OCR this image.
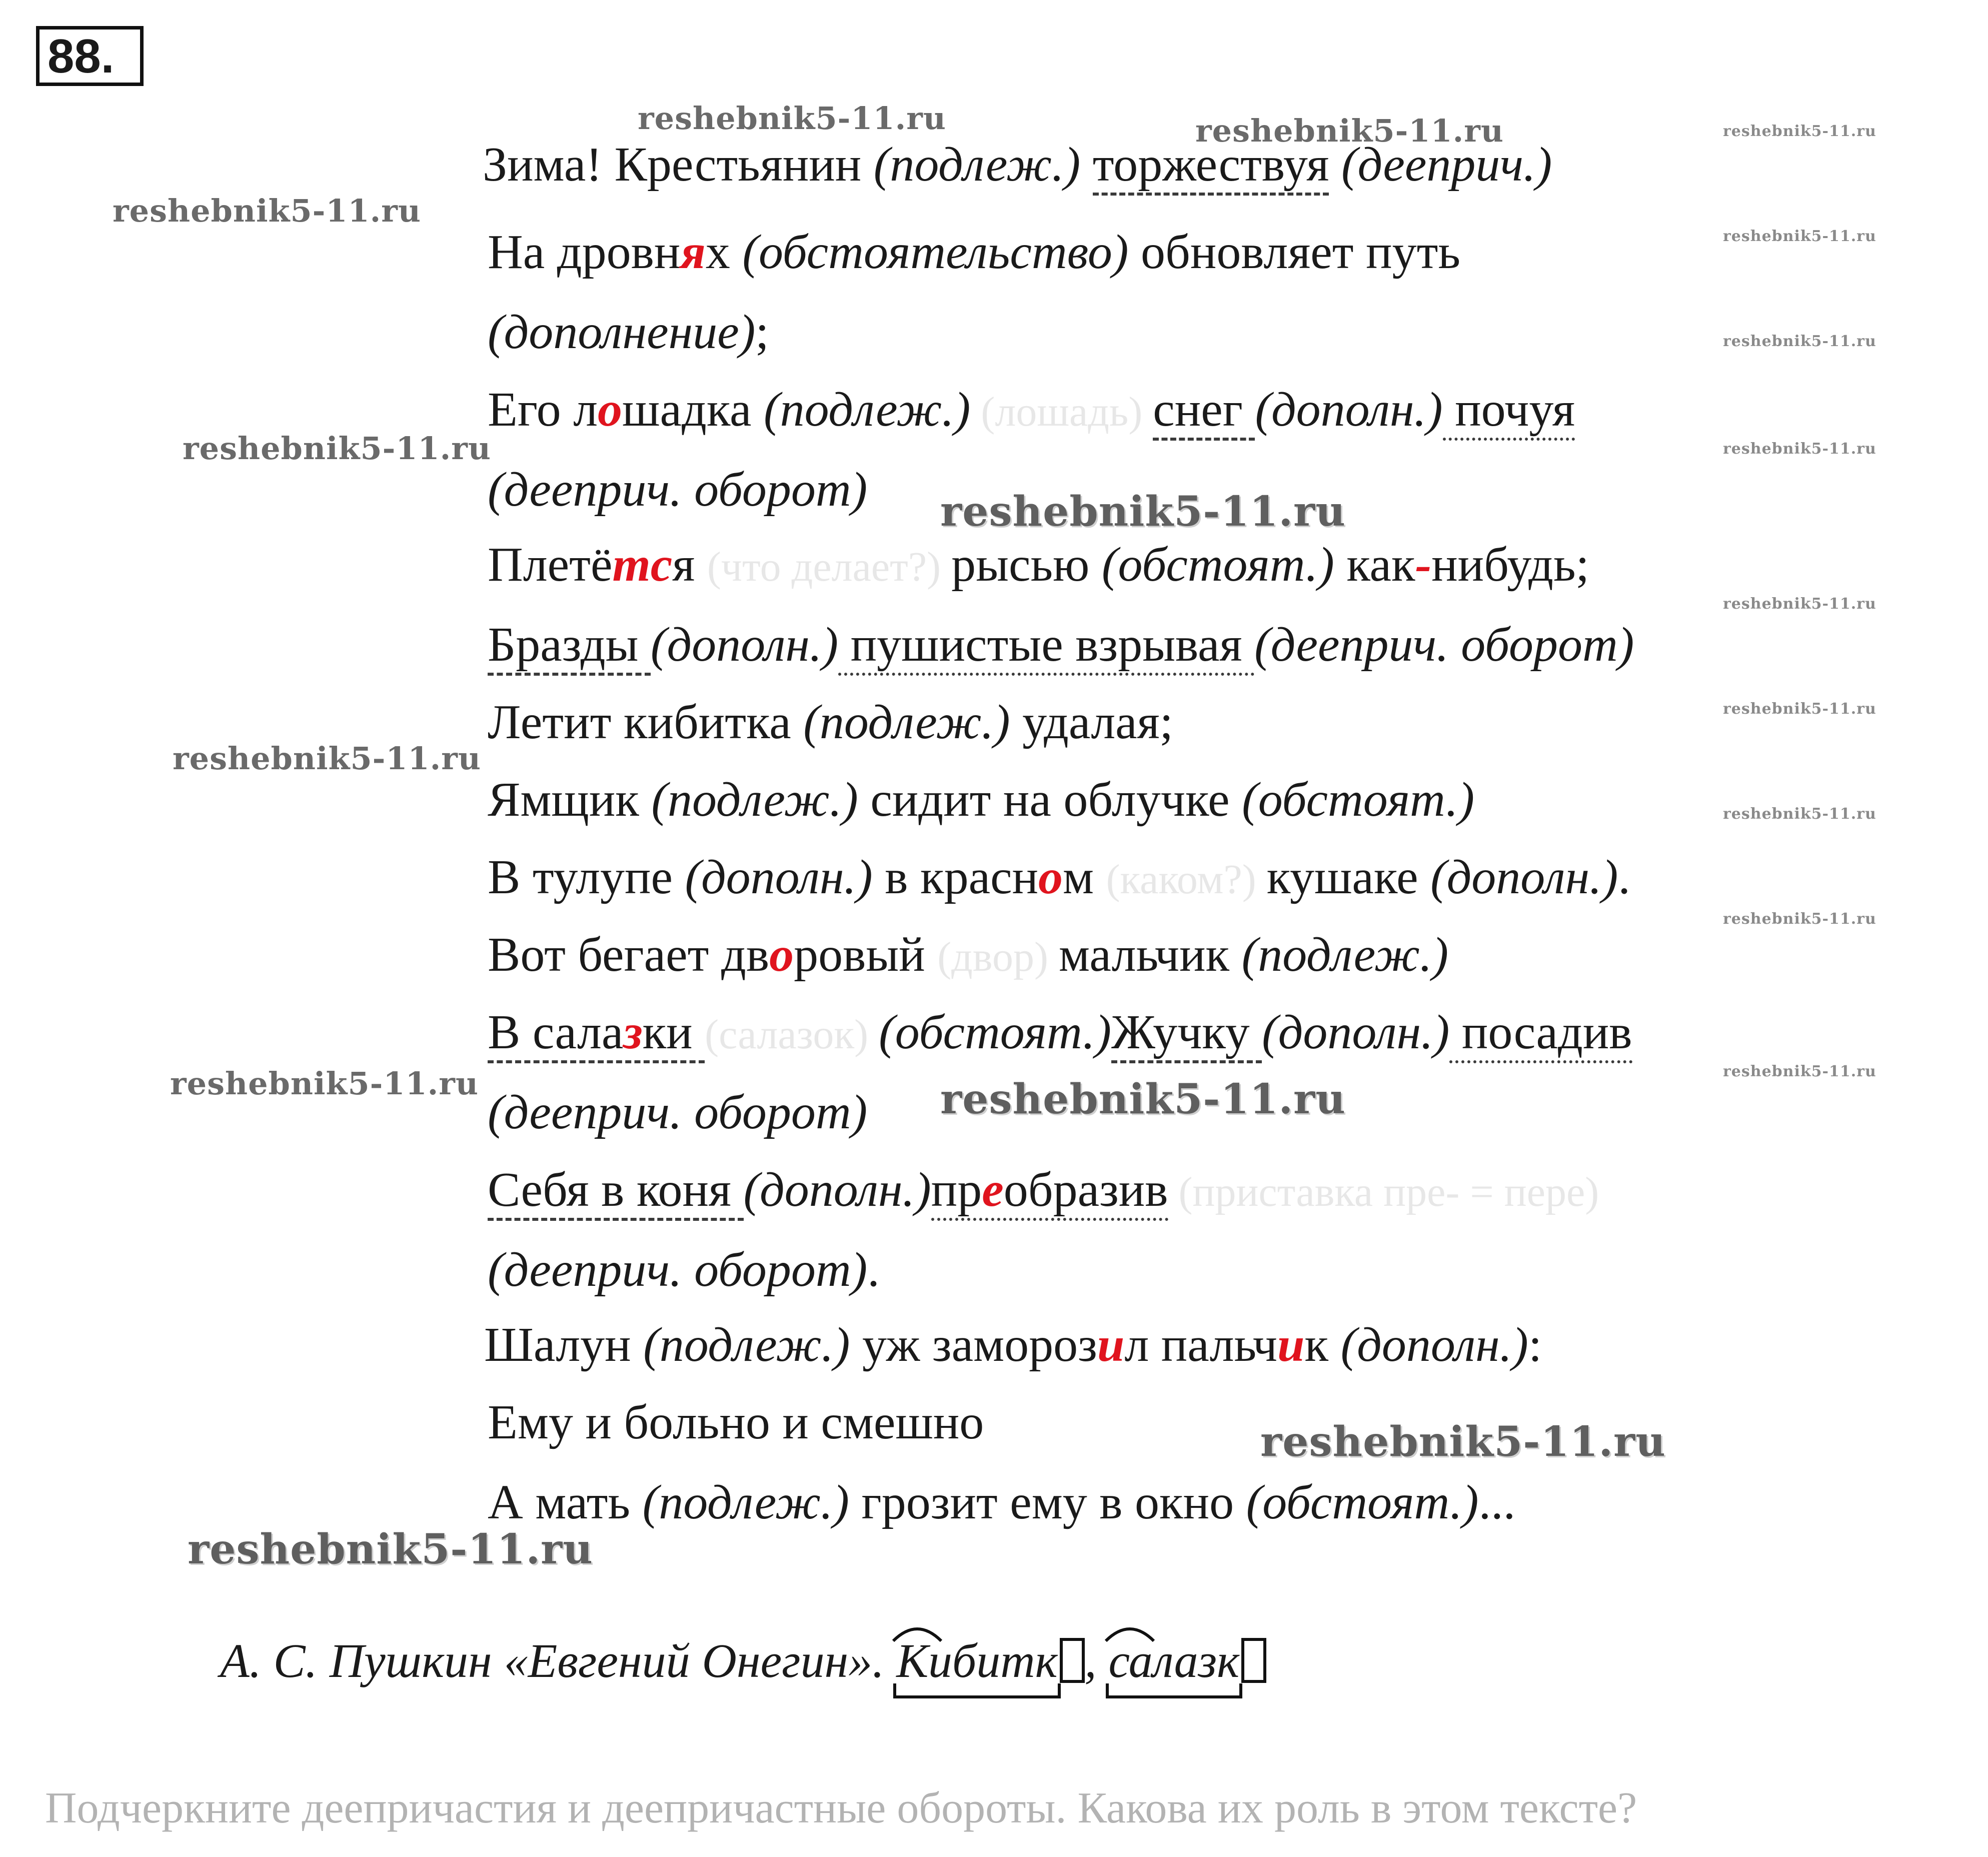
88.
reshebnik5-11.ru	reshebnik5-11.ru	reshebnik5-11.ru
reshebnik5-11.ru
reshebnik5-11.ru
reshebnik5-11.ru
reshebnik5-11.ru	reshebnik5-11.ru
reshebnik5-11.ru
reshebnik5-11.ru
reshebnik5-11.ru
reshebnik5-11.ru
reshebnik5-11.ru
reshebnik5-11.ru
reshebnik5-11.ru
reshebnik5-11.ru	reshebnik5-11.ru
reshebnik5-11.ru
reshebnik5-11.ru
Зима! Крестьянин (подлеж.) торжествуя (дееприч.)
На дровнях (обстоятельство) обновляет путь
(дополнение);
Его лошадка (подлеж.) (лошадь) снег (дополн.) почуя
(дееприч. оборот)
Плетётся (что делает?) рысью (обстоят.) как-нибудь;
Бразды (дополн.) пушистые взрывая (дееприч. оборот)
Летит кибитка (подлеж.) удалая;
Ямщик (подлеж.) сидит на облучке (обстоят.)
В тулупе (дополн.) в красном (каком?) кушаке (дополн.).
Вот бегает дворовый (двор) мальчик (подлеж.)
В салазки (салазок) (обстоят.)Жучку (дополн.) посадив
(дееприч. оборот)
Себя в коня (дополн.)преобразив (приставка пре- = пере)
(дееприч. оборот).
Шалун (подлеж.) уж заморозил пальчик (дополн.):
Ему и больно и смешно
А мать (подлеж.) грозит ему в окно (обстоят.)...
А. С. Пушкин «Евгений Онегин».
Кибитк ,
салазк
Подчеркните деепричастия и деепричастные обороты. Какова их роль в этом тексте?
